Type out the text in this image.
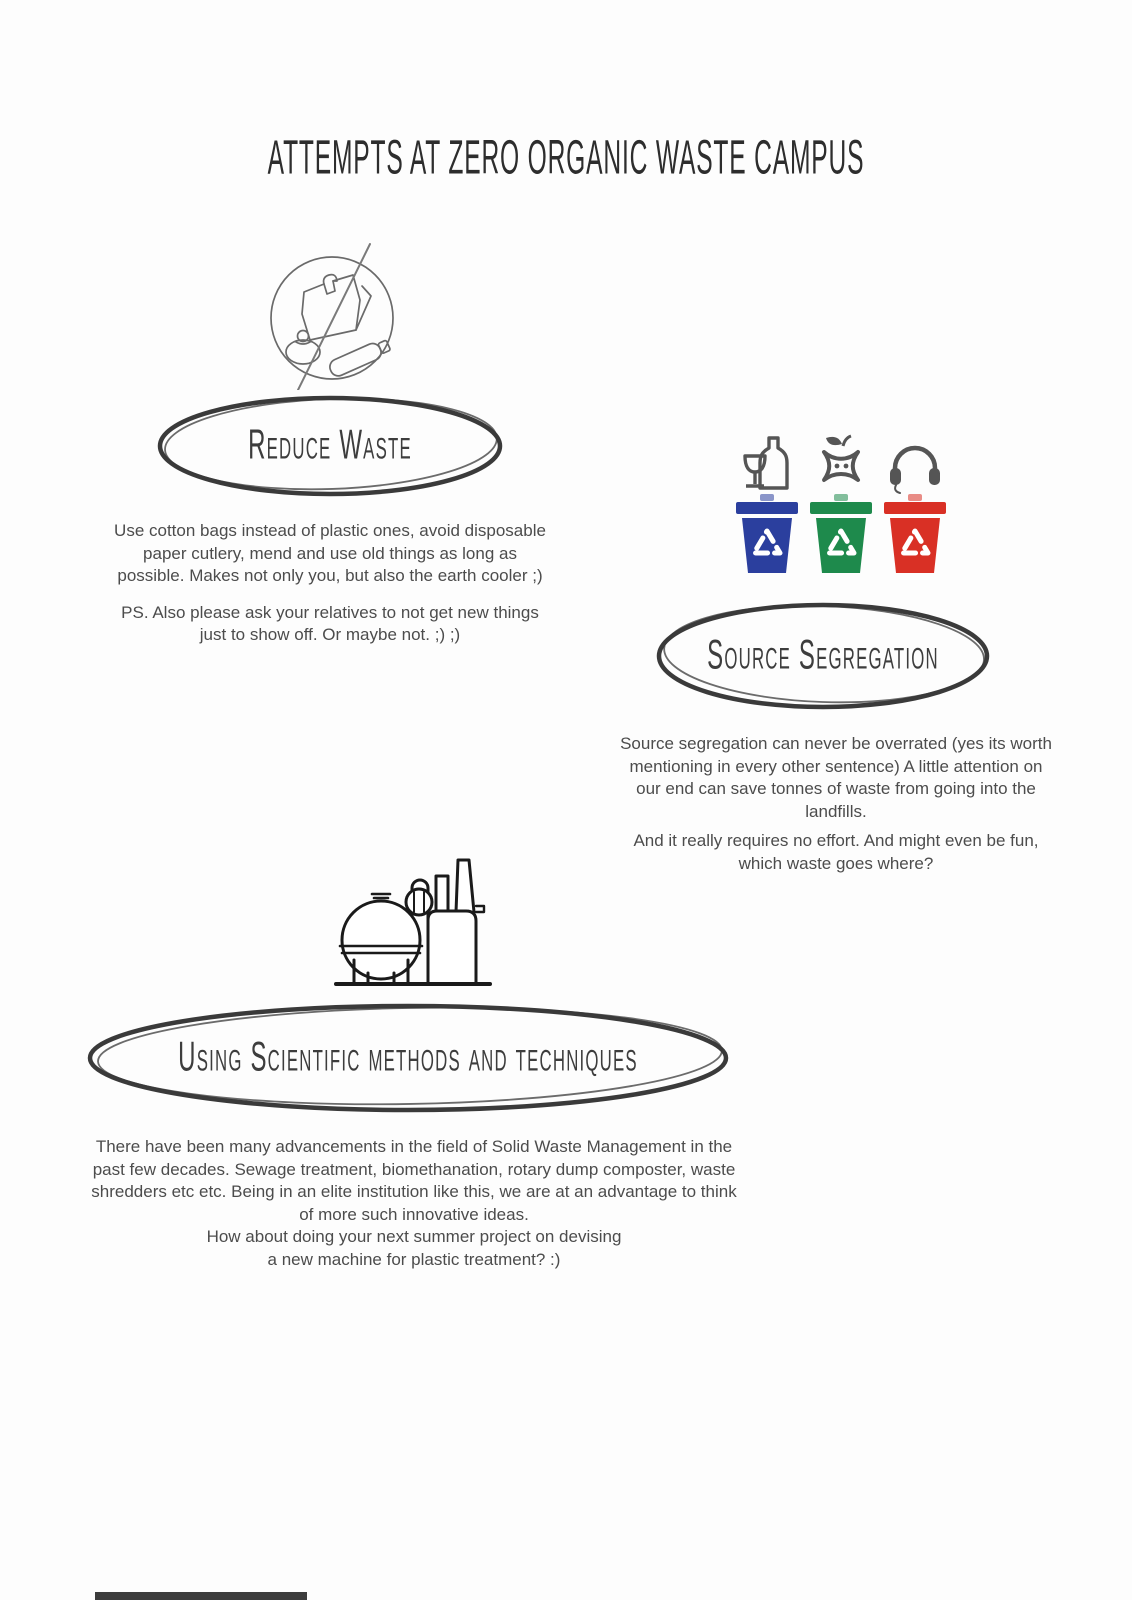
ATTEMPTS AT ZERO ORGANIC WASTE CAMPUS
Reduce Waste

Use cotton bags instead of plastic ones, avoid disposable paper cutlery, mend and use old things as long as possible. Makes not only you, but also the earth cooler ;)

PS. Also please ask your relatives to not get new things just to show off. Or maybe not. ;) ;)	Source Segregation

Source segregation can never be overrated (yes its worth mentioning in every other sentence) A little attention on our end can save tonnes of waste from going into the landfills.

And it really requires no effort. And might even be fun, which waste goes where?

Using Scientific methods and techniques

There have been many advancements in the field of Solid Waste Management in the past few decades. Sewage treatment, biomethanation, rotary dump composter, waste shredders etc etc. Being in an elite institution like this, we are at an advantage to think of more such innovative ideas.

How about doing your next summer project on devising

a new machine for plastic treatment? :)
